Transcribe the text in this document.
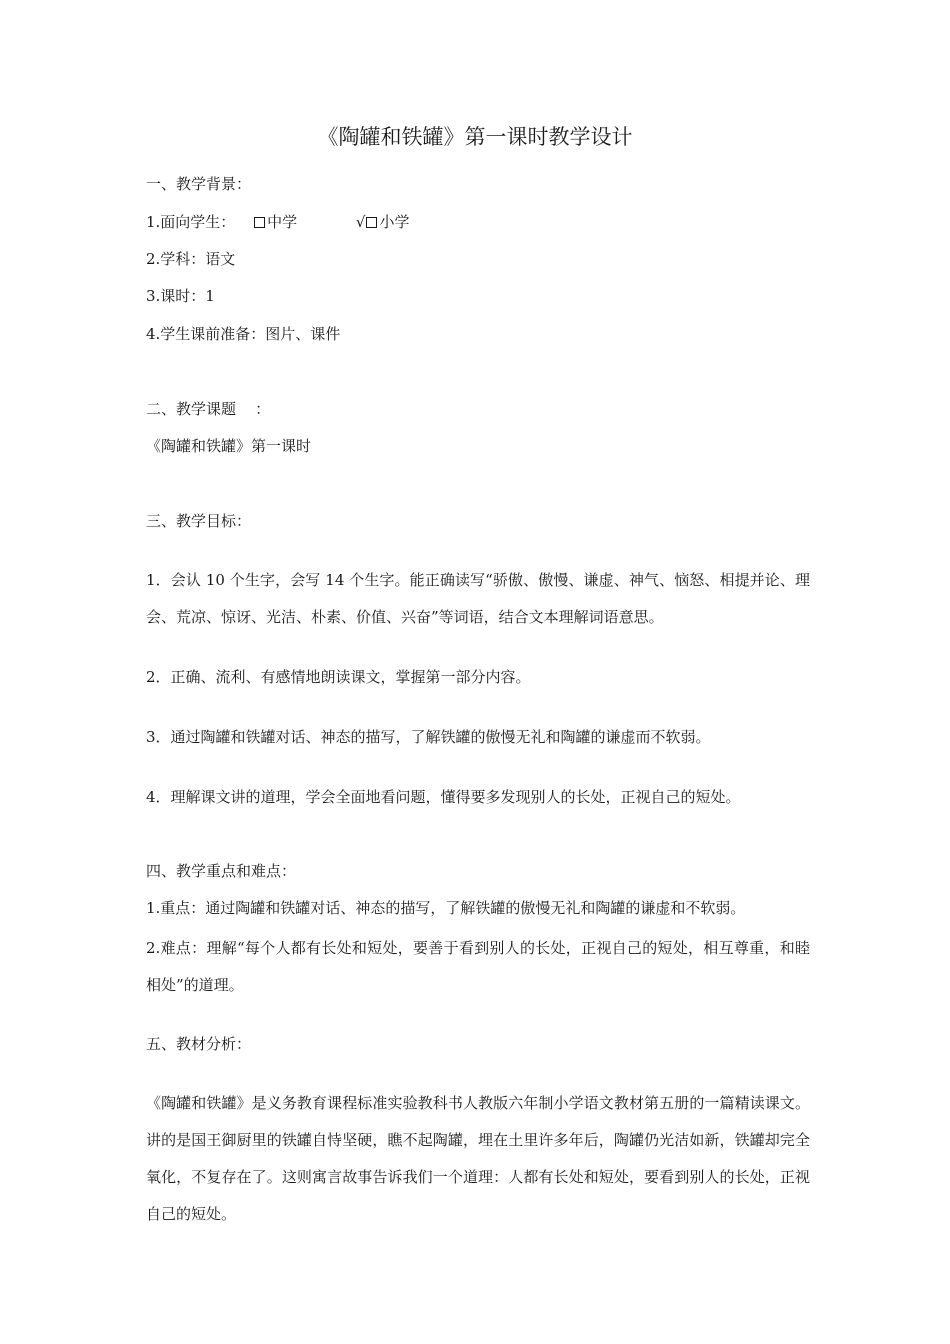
《陶罐和铁罐》第一课时教学设计
一、教学背景：
1.面向学生： 中学	√ 小学
2.学科：语文
3.课时：1
4.学生课前准备：图片、课件
二、教学课题    ：
《陶罐和铁罐》第一课时
三、教学目标：
1．会认 10 个生字，会写 14 个生字。能正确读写“骄傲、傲慢、谦虚、神气、恼怒、相提并论、理会、荒凉、惊讶、光洁、朴素、价值、兴奋”等词语，结合文本理解词语意思。
2．正确、流利、有感情地朗读课文，掌握第一部分内容。
3．通过陶罐和铁罐对话、神态的描写，了解铁罐的傲慢无礼和陶罐的谦虚而不软弱。
4．理解课文讲的道理，学会全面地看问题，懂得要多发现别人的长处，正视自己的短处。
四、教学重点和难点：
1.重点：通过陶罐和铁罐对话、神态的描写，了解铁罐的傲慢无礼和陶罐的谦虚和不软弱。
2.难点：理解“每个人都有长处和短处，要善于看到别人的长处，正视自己的短处，相互尊重，和睦相处”的道理。
五、教材分析：
《陶罐和铁罐》是义务教育课程标准实验教科书人教版六年制小学语文教材第五册的一篇精读课文。讲的是国王御厨里的铁罐自恃坚硬，瞧不起陶罐，埋在土里许多年后，陶罐仍光洁如新，铁罐却完全氧化，不复存在了。这则寓言故事告诉我们一个道理：人都有长处和短处，要看到别人的长处，正视自己的短处。
